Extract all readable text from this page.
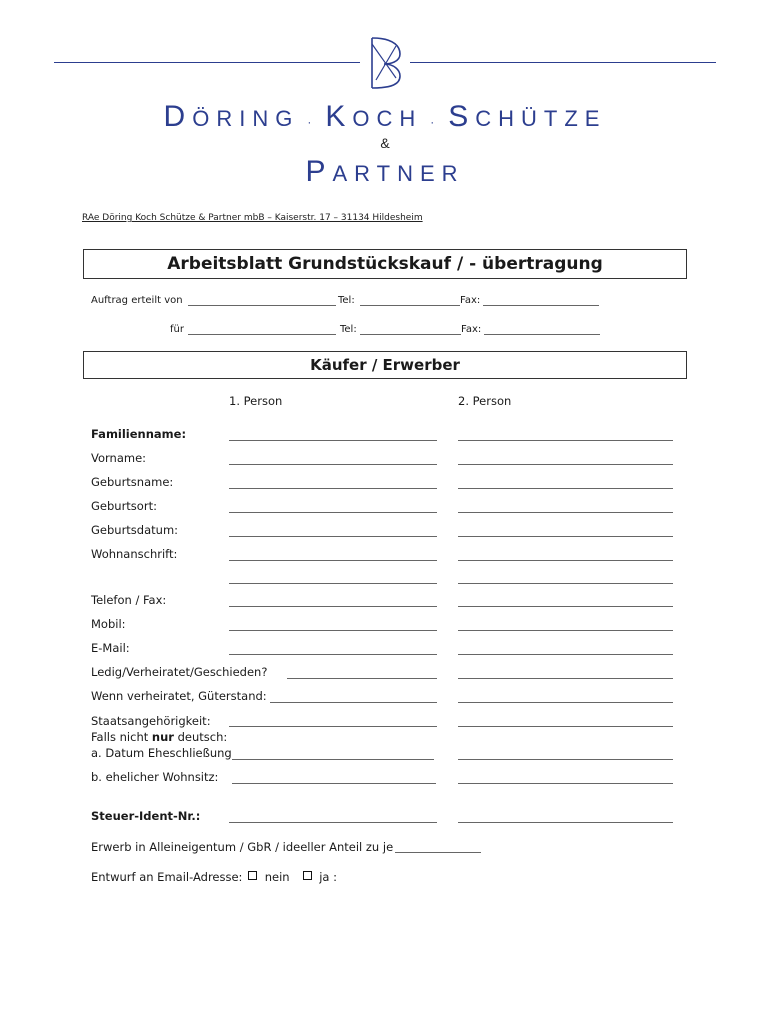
DÖRING · KOCH · SCHÜTZE
&
PARTNER
RAe Döring Koch Schütze & Partner mbB – Kaiserstr. 17 – 31134 Hildesheim
Arbeitsblatt Grundstückskauf / - übertragung
Auftrag erteilt von	Tel:	Fax:
für	Tel:	Fax:
Käufer / Erwerber
1. Person	2. Person
Familienname:
Vorname:
Geburtsname:
Geburtsort:
Geburtsdatum:
Wohnanschrift:
Telefon / Fax:
Mobil:
E-Mail:
Ledig/Verheiratet/Geschieden?
Wenn verheiratet, Güterstand:
Staatsangehörigkeit:
Falls nicht nur deutsch:
a. Datum Eheschließung
b. ehelicher Wohnsitz:
Steuer-Ident-Nr.:
Erwerb in Alleineigentum / GbR / ideeller Anteil zu je
Entwurf an Email-Adresse: nein	ja :
